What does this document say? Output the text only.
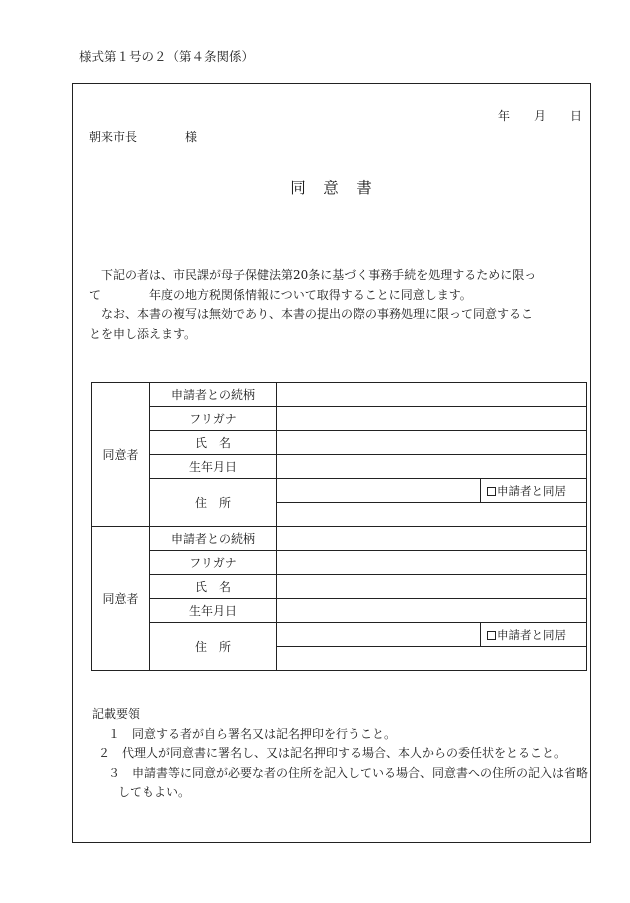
様式第１号の２（第４条関係）
年　　月　　日
朝来市長　　　　様
同　意　書

　下記の者は、市民課が母子保健法第20条に基づく事務手続を処理するために限っ

て　　　　年度の地方税関係情報について取得することに同意します。

　なお、本書の複写は無効であり、本書の提出の際の事務処理に限って同意するこ

とを申し添えます。

同意者	申請者との続柄		
	フリガナ		
	氏　名		
	生年月日		
	住　所		申請者と同居

同意者	申請者との続柄		
	フリガナ		
	氏　名		
	生年月日		
	住　所		申請者と同居

記載要領

１　同意する者が自ら署名又は記名押印を行うこと。

２　代理人が同意書に署名し、又は記名押印する場合、本人からの委任状をとること。

３　申請書等に同意が必要な者の住所を記入している場合、同意書への住所の記入は省略してもよい。
